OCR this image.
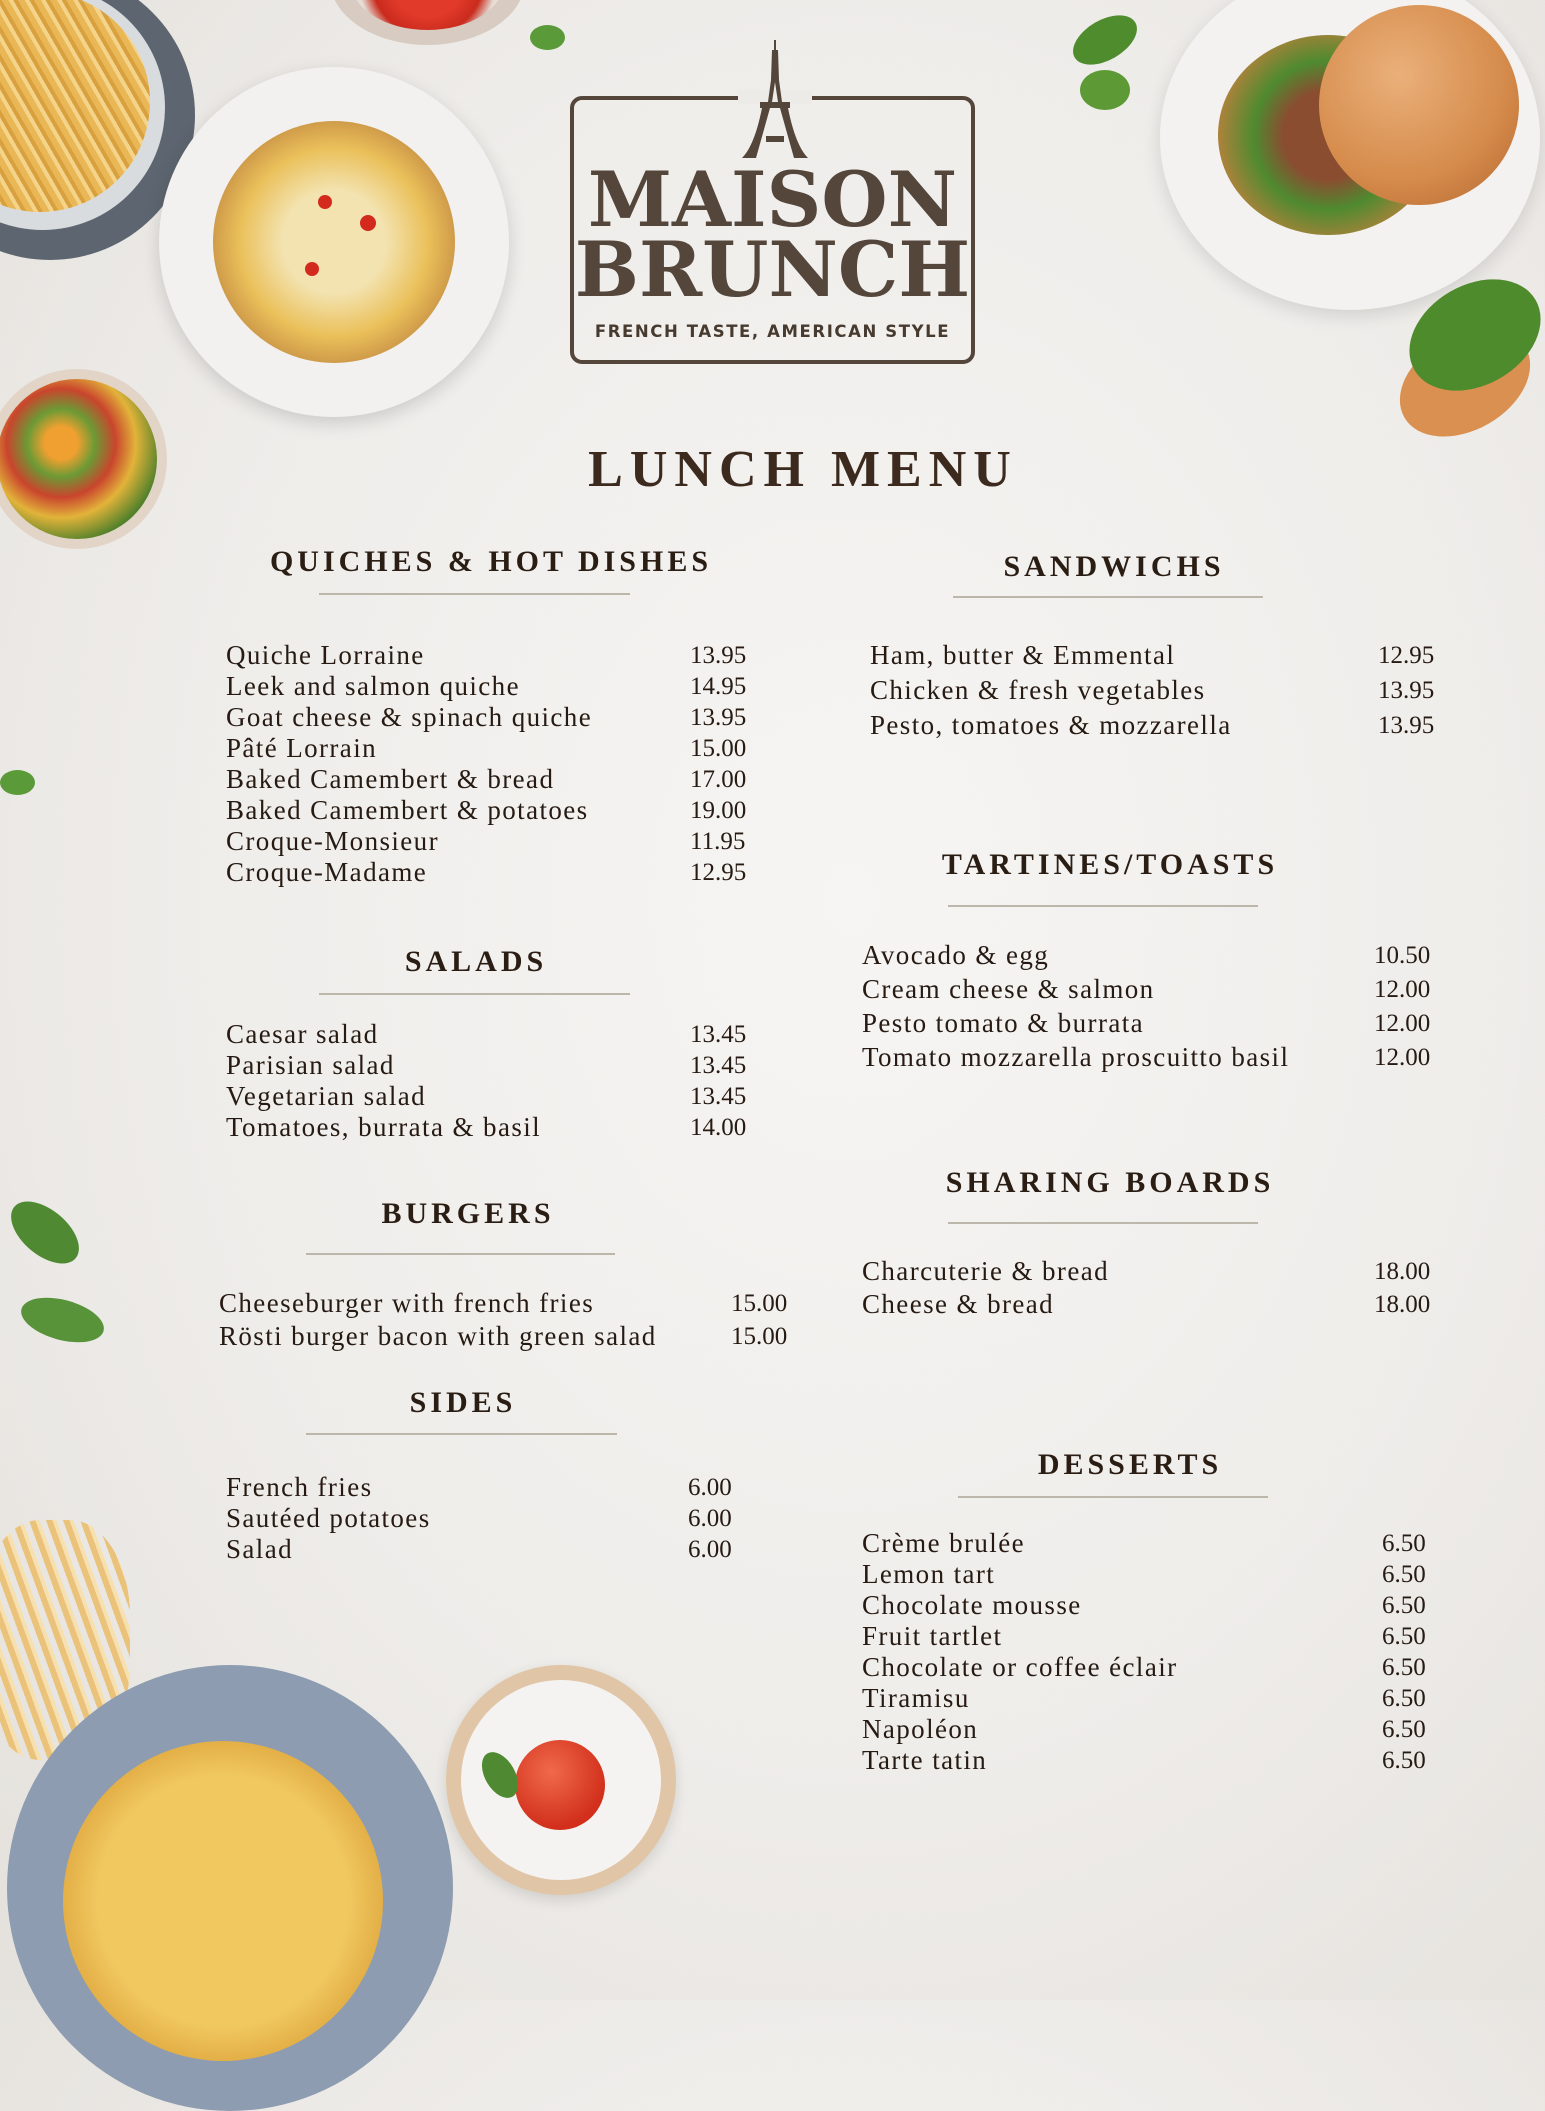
MAISON
BRUNCH
FRENCH TASTE, AMERICAN STYLE
LUNCH MENU
QUICHES & HOT DISHES
Quiche Lorraine	13.95
Leek and salmon quiche	14.95
Goat cheese & spinach quiche	13.95
Pâté Lorrain	15.00
Baked Camembert & bread	17.00
Baked Camembert & potatoes	19.00
Croque-Monsieur	11.95
Croque-Madame	12.95
SALADS
Caesar salad	13.45
Parisian salad	13.45
Vegetarian salad	13.45
Tomatoes, burrata & basil	14.00
BURGERS
Cheeseburger with french fries	15.00
Rösti burger bacon with green salad	15.00
SIDES
French fries	6.00
Sautéed potatoes	6.00
Salad	6.00
SANDWICHS
Ham, butter & Emmental	12.95
Chicken & fresh vegetables	13.95
Pesto, tomatoes & mozzarella	13.95
TARTINES/TOASTS
Avocado & egg	10.50
Cream cheese & salmon	12.00
Pesto tomato & burrata	12.00
Tomato mozzarella proscuitto basil	12.00
SHARING BOARDS
Charcuterie & bread	18.00
Cheese & bread	18.00
DESSERTS
Crème brulée	6.50
Lemon tart	6.50
Chocolate mousse	6.50
Fruit tartlet	6.50
Chocolate or coffee éclair	6.50
Tiramisu	6.50
Napoléon	6.50
Tarte tatin	6.50
